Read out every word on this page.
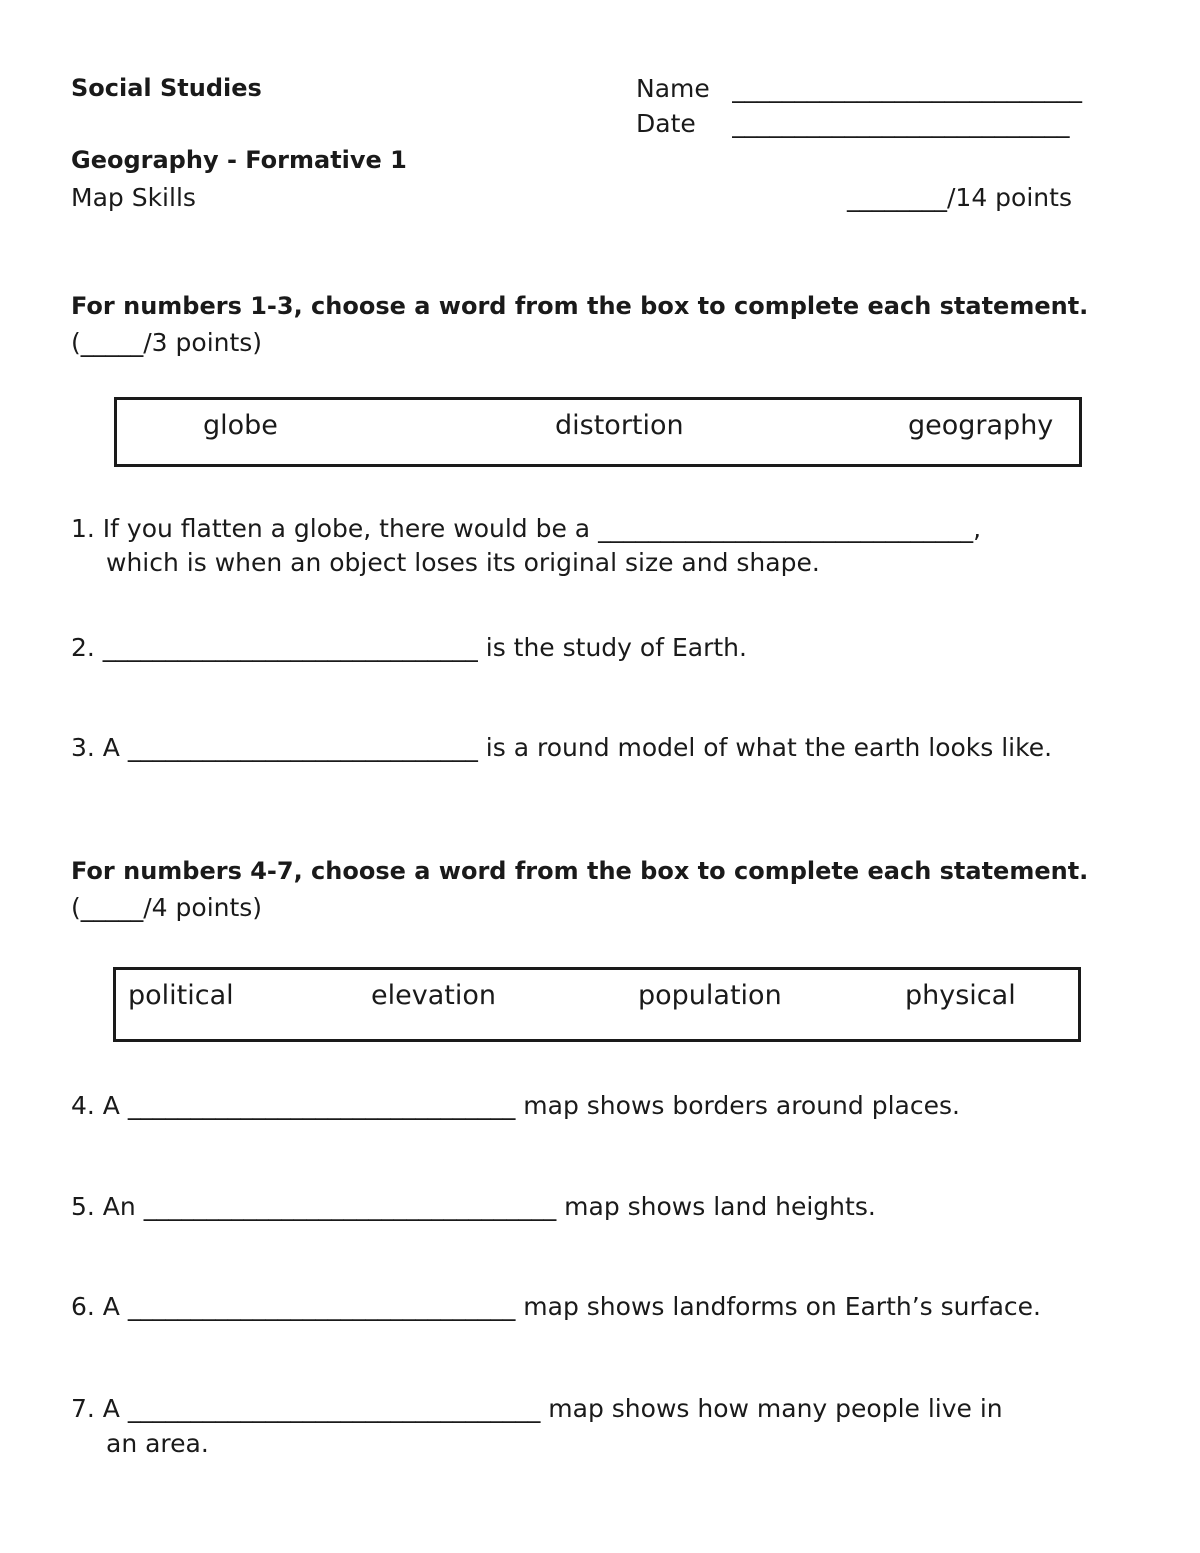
Social Studies	Name ____________________________
Date ___________________________
Geography - Formative 1
Map Skills	________/14 points
For numbers 1-3, choose a word from the box to complete each statement.
(_____/3 points)
globe	distortion	geography
1. If you flatten a globe, there would be a ______________________________,
which is when an object loses its original size and shape.
2. ______________________________ is the study of Earth.
3. A ____________________________ is a round model of what the earth looks like.
For numbers 4-7, choose a word from the box to complete each statement.
(_____/4 points)
political	elevation	population	physical
4. A _______________________________ map shows borders around places.
5. An _________________________________ map shows land heights.
6. A _______________________________ map shows landforms on Earth’s surface.
7. A _________________________________ map shows how many people live in
an area.
